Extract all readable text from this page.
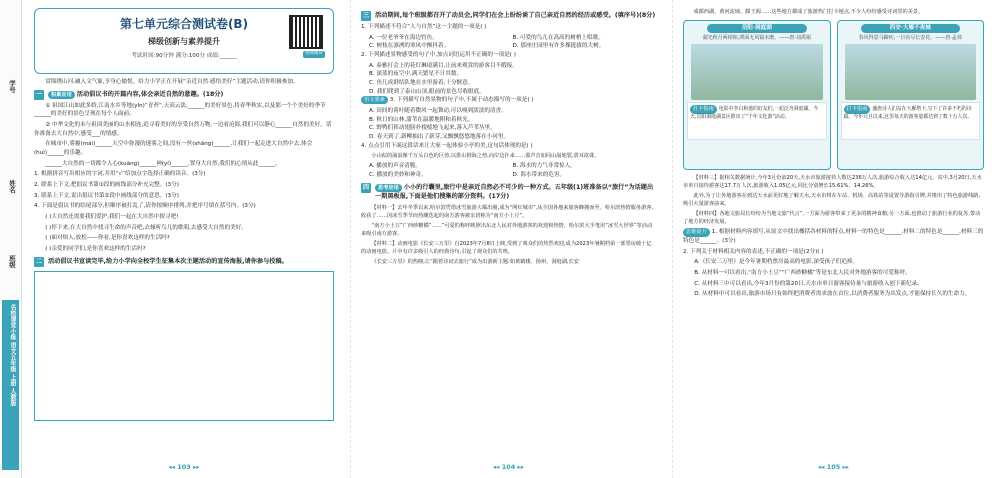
学号
姓名
班级
名校课堂小练 语文五年级 上册 人教版
第七单元综合测试卷(B)
梯级创新与素养提升
考试时间:90分钟 满分:100分 成绩:______	视频精讲

赏锦绣山河,融入文气象,享身心愉悦。给力小学正在开展“亲近自然·感悟美好”主题活动,请你积极参加。

一	积累应用 活动倡议书的开篇内容,体会亲近自然的意趣。(18分)

① 祖国江山如此多娇,江南水乡等地(yǐn)“青苔”,天高云淡,______的美好景色,将春华秋实,以及那一个个美好的季节______的美好的景色呈现在每个人面前。

② 中华文化的未与祖国美丽的山水相连,追寻着美好的享受自然万物,一边看沧海,我们可以静心______自然的美好。请你准备去大自然中,感受___的情感。

在城市中,雾霾(mái)______天空中弥漫的迷雾之间,没有一丝(shāng)______,让我们一起走进大自然中去,体会(huì)______的乐趣。

______大自然的一切都令人心(kuàng)______神(yí)______,置身大自然,我们的心情从此______。

1. 根据拼音写出相应的字词,并用“√”给加点字选择正确的读音。(3分)

2. 联系上下文,把倡议书第①段的画线部分补充完整。(3分)

3. 联系上下文,说出倡议书第②段中画线部分的意思。(3分)

4. 下面是倡议书的结尾部分,但顺序被打乱了,请你按顺序排列,并把序号填在括号内。(3分)

( )大自然还需要我们爱护,我们一起在大自然中探寻吧!

( )停下来,在大自然中找寻生命的声音吧,去倾听鸟儿的歌唱,去感受大自然的美好。

( )面对烦人,放松——你看,是你喜欢这样的生活吗?

( )亲爱的同学们,是你喜欢这样的生活吗?

二 活动倡议书宣读完毕,给力小学向全校学生征集本次主题活动的宣传海报,请你参与投稿。
◂◂ 103 ▸▸
三 活动期间,每个班级都召开了动员会,同学们在会上纷纷谈了自己亲近自然的经历或感受。(填序号)(8分)

1. 下列描述不符合“人与自然”这一主题的一项是( )

A. 一位老爷爷在海边钓鱼。	B. 可爱的鸟儿在高高的树梢上唱歌。
C. 树枝在凛冽的寒风中颤抖着。	D. 那座庄园里有许多棵挺拔的大树。

2. 下列描述景物感受的句子中,加点词语运用不正确的一项是( )

A. 泰雅打会上的花灯琳琅满目,让前来观赏的游客目不暇接。
B. 深蓝的夜空中,满天繁星不计其数。
C. 鱼儿成群结队地在水里游着,十分惬意。
D. 我们爬到了泰山山顶,眼前的景色尽收眼底。

语文要素 3. 下列描写自然景物的句子中,不属于动态描写的一项是( )

A. 田间的荷叶随着微风一起舞动,可以嗅到淡淡的清香。
B. 秋日的山林,蒲苇在温暖地附和着秋光。
C. 野鸭们挥动翅膀扑棱棱地飞起来,落入芦苇丛里。
D. 春天到了,新柳抽出了新芽,又飘飘悠悠地落在小河里。

4. 点点引用下面这段话来让大家一起体验小亭的美,这句话体现的是( )

小山似的涌浪像千万头白色的巨兽,以排山倒海之势,向岸边扑来……那声音如同山崩地裂,震耳欲聋。

A. 播放的声音清脆。	B. 海水的力气非常惊人。
C. 播放的美妙和神奇。	D. 海水带来的危害。
四	思考应用 小小的行囊里,旅行中是亲近自然必不可少的一种方式。五年级(1)班准备以“旅行”为话题出一期黑板报,下面是他们搜集的部分资料。(17分)

【材料一】去年冬季以来,哈尔滨凭借冰雪旅游大爆出圈,成为“网红城市”,从全国各地来旅客蜂拥而至。哈尔滨热情服务游客,收获了……因冰雪季节而热潮迭起的南方游客被亲切称为“南方小土豆”。

“南方小土豆”广西砂糖橘“……”可爱的称呼映照出东北人民对外地游客的欢迎和热情。哈尔滨大手笔用“冰雪大世界”等活动来吸引南方游客。

【材料二】动画电影《长安三万里》自2023年7月8日上映,受到了观众们的热烈欢迎,成为2023年暑期档第一部票房破十亿的动画电影。片中有许多吸引人的经典诗句,引起了观众们的共鸣。

《长安三万里》的热映,让“跟着诗词去旅行”成为出游新主题:如黄鹤楼、扬州、洞庭湖,长安

◂◂ 104 ▸▸

成都西湖、黄河流域、滕王阁……这些地方都成了旅游热门打卡地点,不少人纷纷感受诗词里的美景。

岳阳·洞庭湖
湖光秋月两相和,潭面无风镜未磨。——唐·刘禹锡
打卡指南 电影中李白和他的好友们,一起泛舟洞庭湖。今天,岳阳洞庭湖景区推出了“千年文化游”活动。
西安·大雁不夜城
春风得意马蹄疾,一日看尽长安花。——唐·孟郊
打卡指南 盛唐诗人们站在大雁塔下,写下了许多不朽的诗篇。今年元旦以来,这里每天的游客量都达到了数十万人次。

【材料三】据相关数据统计,今年3月份前20天,天水市旅游接待人数达236万人次,旅游综合收入达14亿元。其中,3月20日,天水市单日接待游客达17.7万人次,旅游收入1.05亿元,同比分别增长15.61%、14.26%。

此外,为了让外地游客在到达天水前更好地了解天水,天水市将在车站、机场、高铁站等设置导游指引牌,并推出了特色旅游线路,吸引大量游客前来。

【材料四】各地文旅局长纷纷为当地文旅“代言”,一方面为游客带来了更多的精神食粮;另一方面,也推动了旅游行业的复苏,带动了地方的经济发展。

思维提升 1. 根据材料内容填写,从原文中找出概括各材料的特点,材料一的特色是______,材料二的特色是______,材料三的特色是______。(3分)

2. 下列关于材料相关内容的表述,不正确的一项是(2分)( )

A.《长安三万里》是今年暑期档票房最高的电影,深受孩子们追捧。

B. 从材料一可以看出,“南方小土豆”“广西砂糖橘”等是东北人民对外地游客的可爱称呼。

C. 从材料三中可以看出,今年3月份的第20日,天水市单日游客接待量与旅游收入创下新纪录。

D. 从材料中可以看出,旅游市场只有始终把消费者需求放在首位,以消费者服务为出发点,才能保持长久的生命力。

◂◂ 105 ▸▸
